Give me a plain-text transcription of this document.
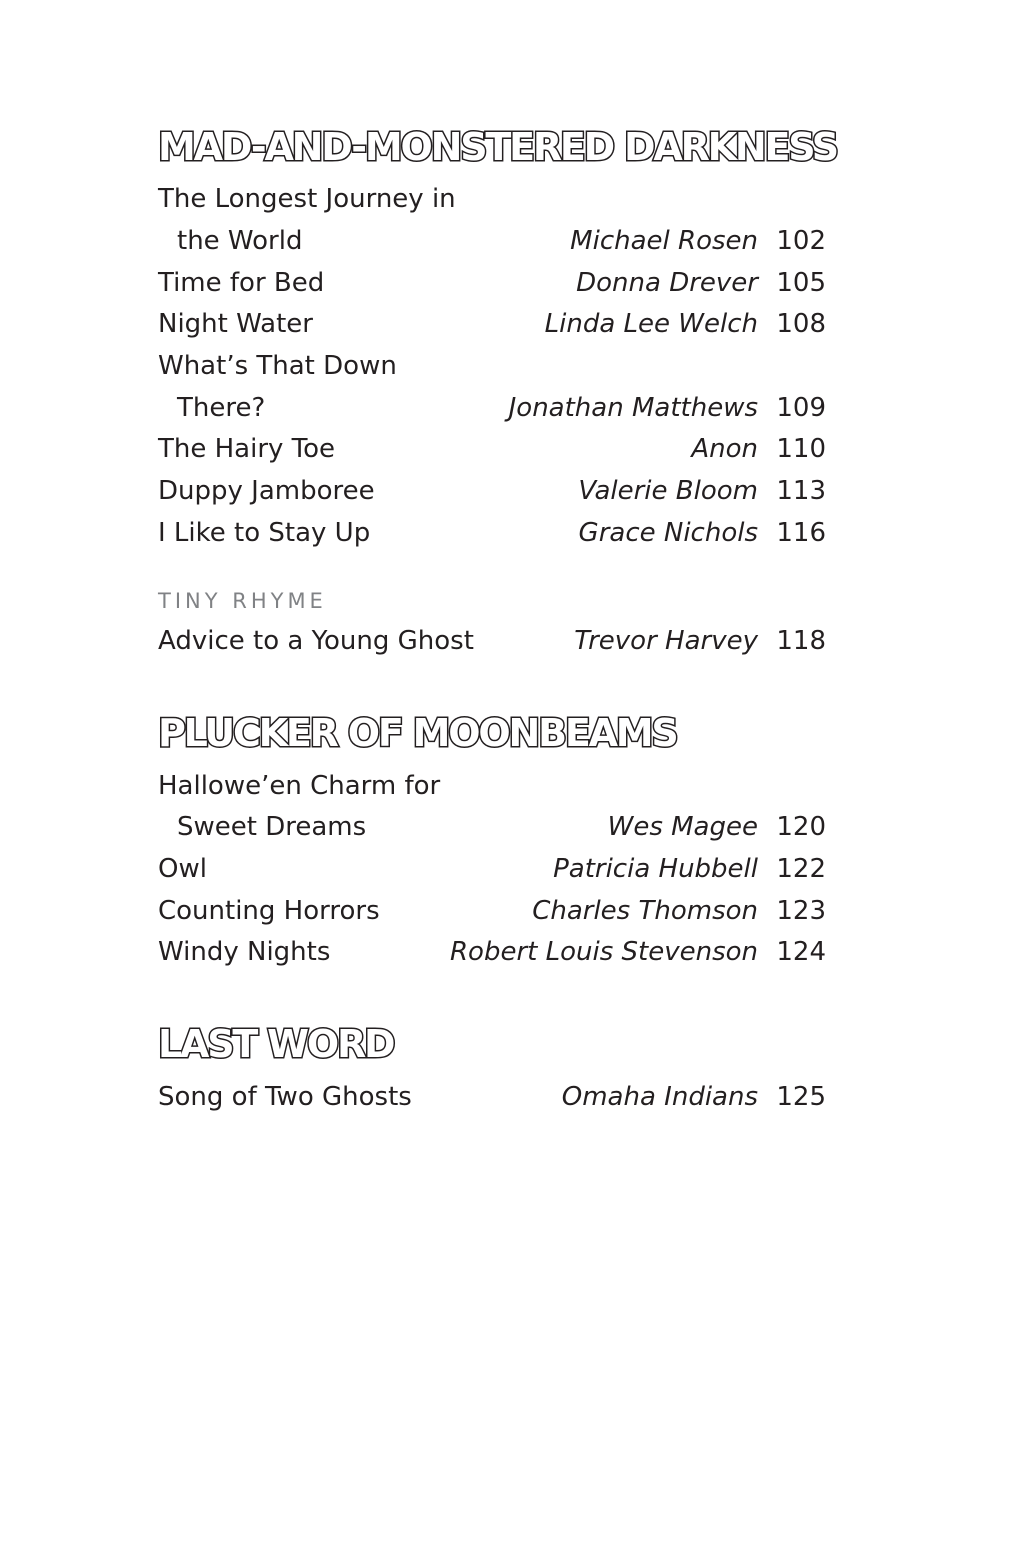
MAD-AND-MONSTERED DARKNESS
The Longest Journey in
the World	Michael Rosen 102
Time for Bed	Donna Drever 105
Night Water	Linda Lee Welch 108
What’s That Down
There?	Jonathan Matthews 109
The Hairy Toe	Anon 110
Duppy Jamboree	Valerie Bloom 113
I Like to Stay Up	Grace Nichols 116
TINY RHYME
Advice to a Young Ghost	Trevor Harvey 118
PLUCKER OF MOONBEAMS
Hallowe’en Charm for
Sweet Dreams	Wes Magee 120
Owl	Patricia Hubbell 122
Counting Horrors	Charles Thomson 123
Windy Nights	Robert Louis Stevenson 124
LAST WORD
Song of Two Ghosts	Omaha Indians 125
